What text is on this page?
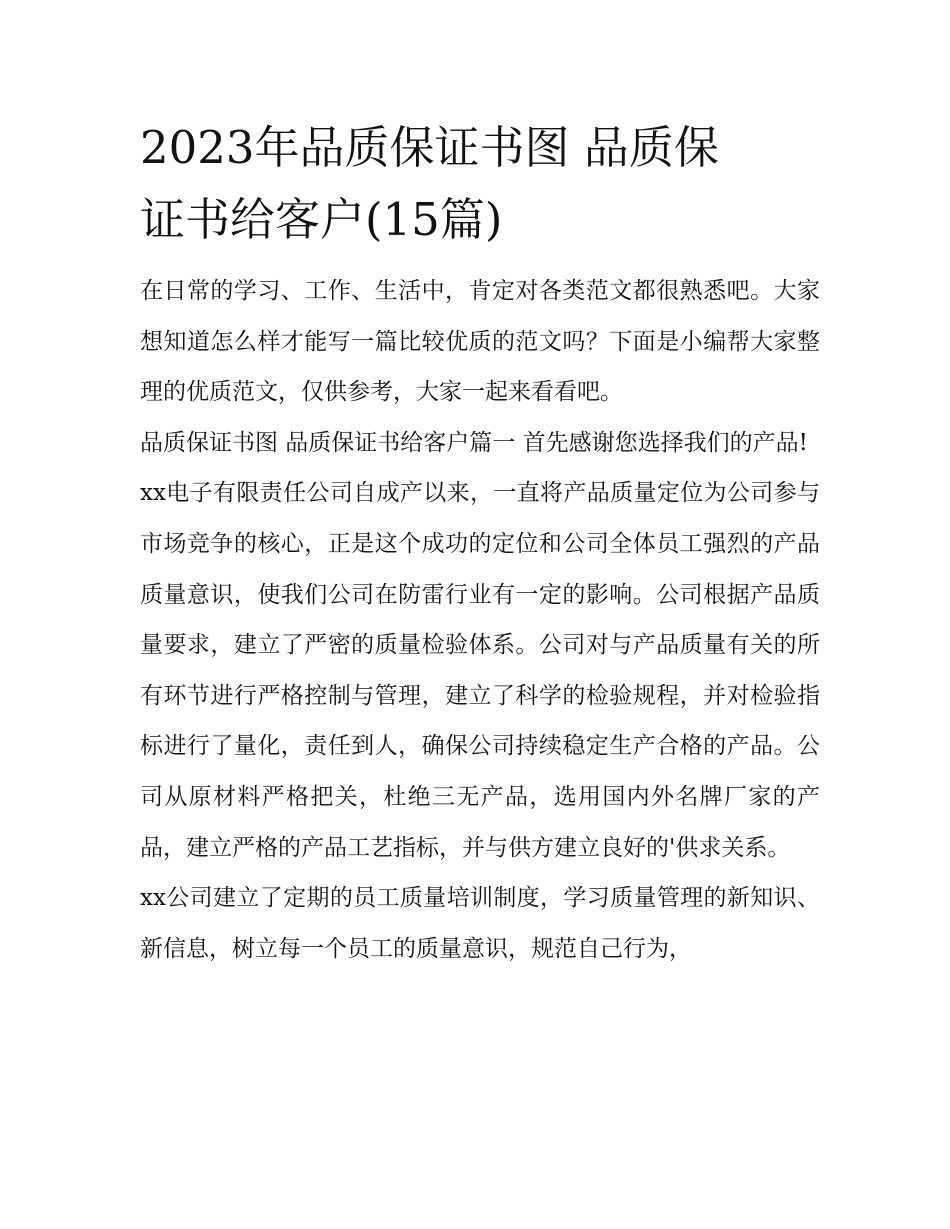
2023年品质保证书图 品质保
证书给客户(15篇)

在日常的学习、工作、生活中，肯定对各类范文都很熟悉吧。大家想知道怎么样才能写一篇比较优质的范文吗？下面是小编帮大家整理的优质范文，仅供参考，大家一起来看看吧。

品质保证书图 品质保证书给客户篇一 首先感谢您选择我们的产品!

xx电子有限责任公司自成产以来，一直将产品质量定位为公司参与市场竞争的核心，正是这个成功的定位和公司全体员工强烈的产品质量意识，使我们公司在防雷行业有一定的影响。公司根据产品质量要求，建立了严密的质量检验体系。公司对与产品质量有关的所有环节进行严格控制与管理，建立了科学的检验规程，并对检验指标进行了量化，责任到人，确保公司持续稳定生产合格的产品。公司从原材料严格把关，杜绝三无产品，选用国内外名牌厂家的产品，建立严格的产品工艺指标，并与供方建立良好的'供求关系。

xx公司建立了定期的员工质量培训制度，学习质量管理的新知识、新信息，树立每一个员工的质量意识，规范自己行为，
